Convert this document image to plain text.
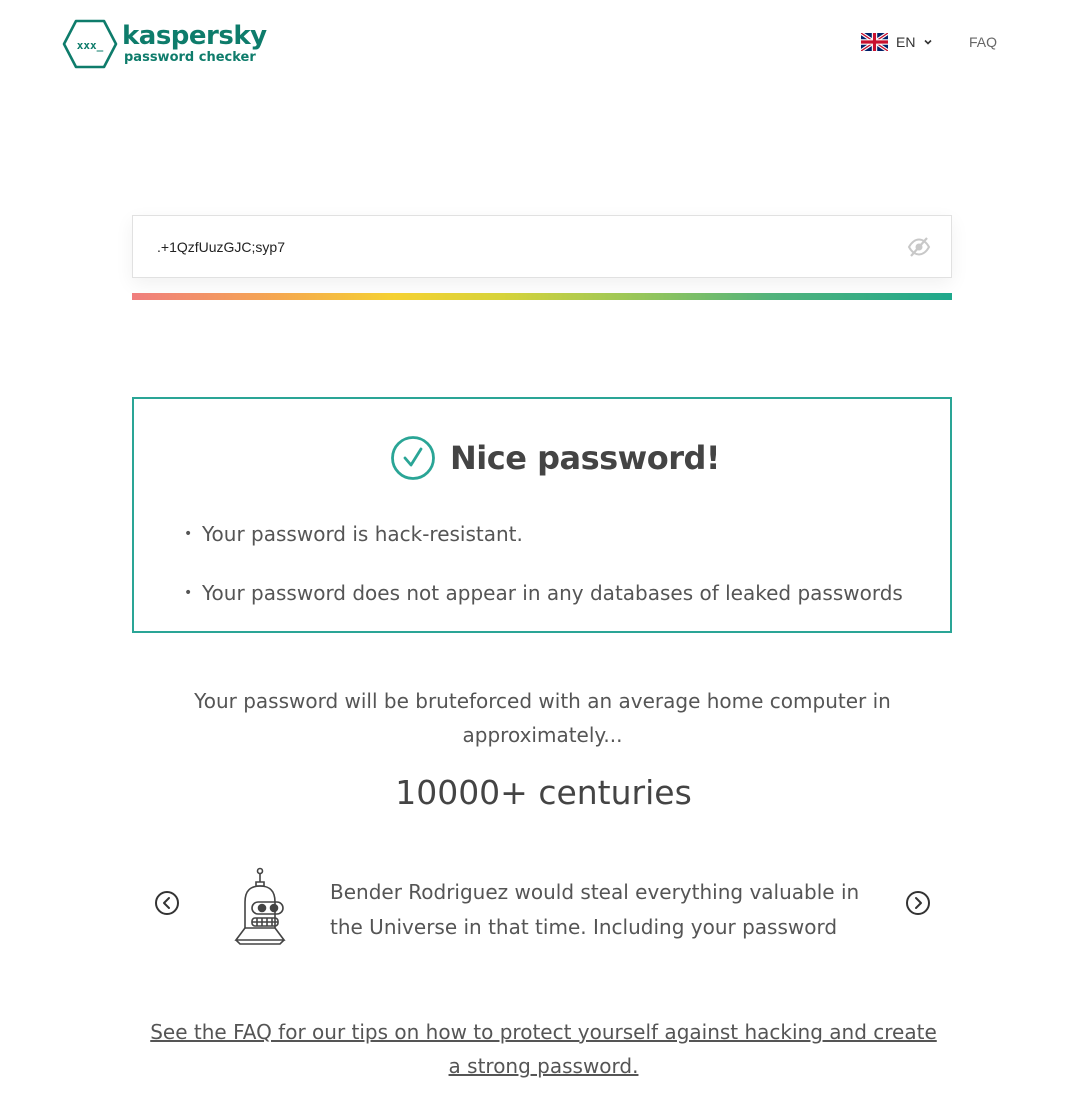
xxx_ kaspersky
password checker
EN	FAQ
.+1QzfUuzGJC;syp7
Nice password!
• Your password is hack-resistant.
• Your password does not appear in any databases of leaked passwords

Your password will be bruteforced with an average home computer in approximately...

10000+ centuries

Bender Rodriguez would steal everything valuable in the Universe in that time. Including your password

See the FAQ for our tips on how to protect yourself against hacking and create a strong password.
